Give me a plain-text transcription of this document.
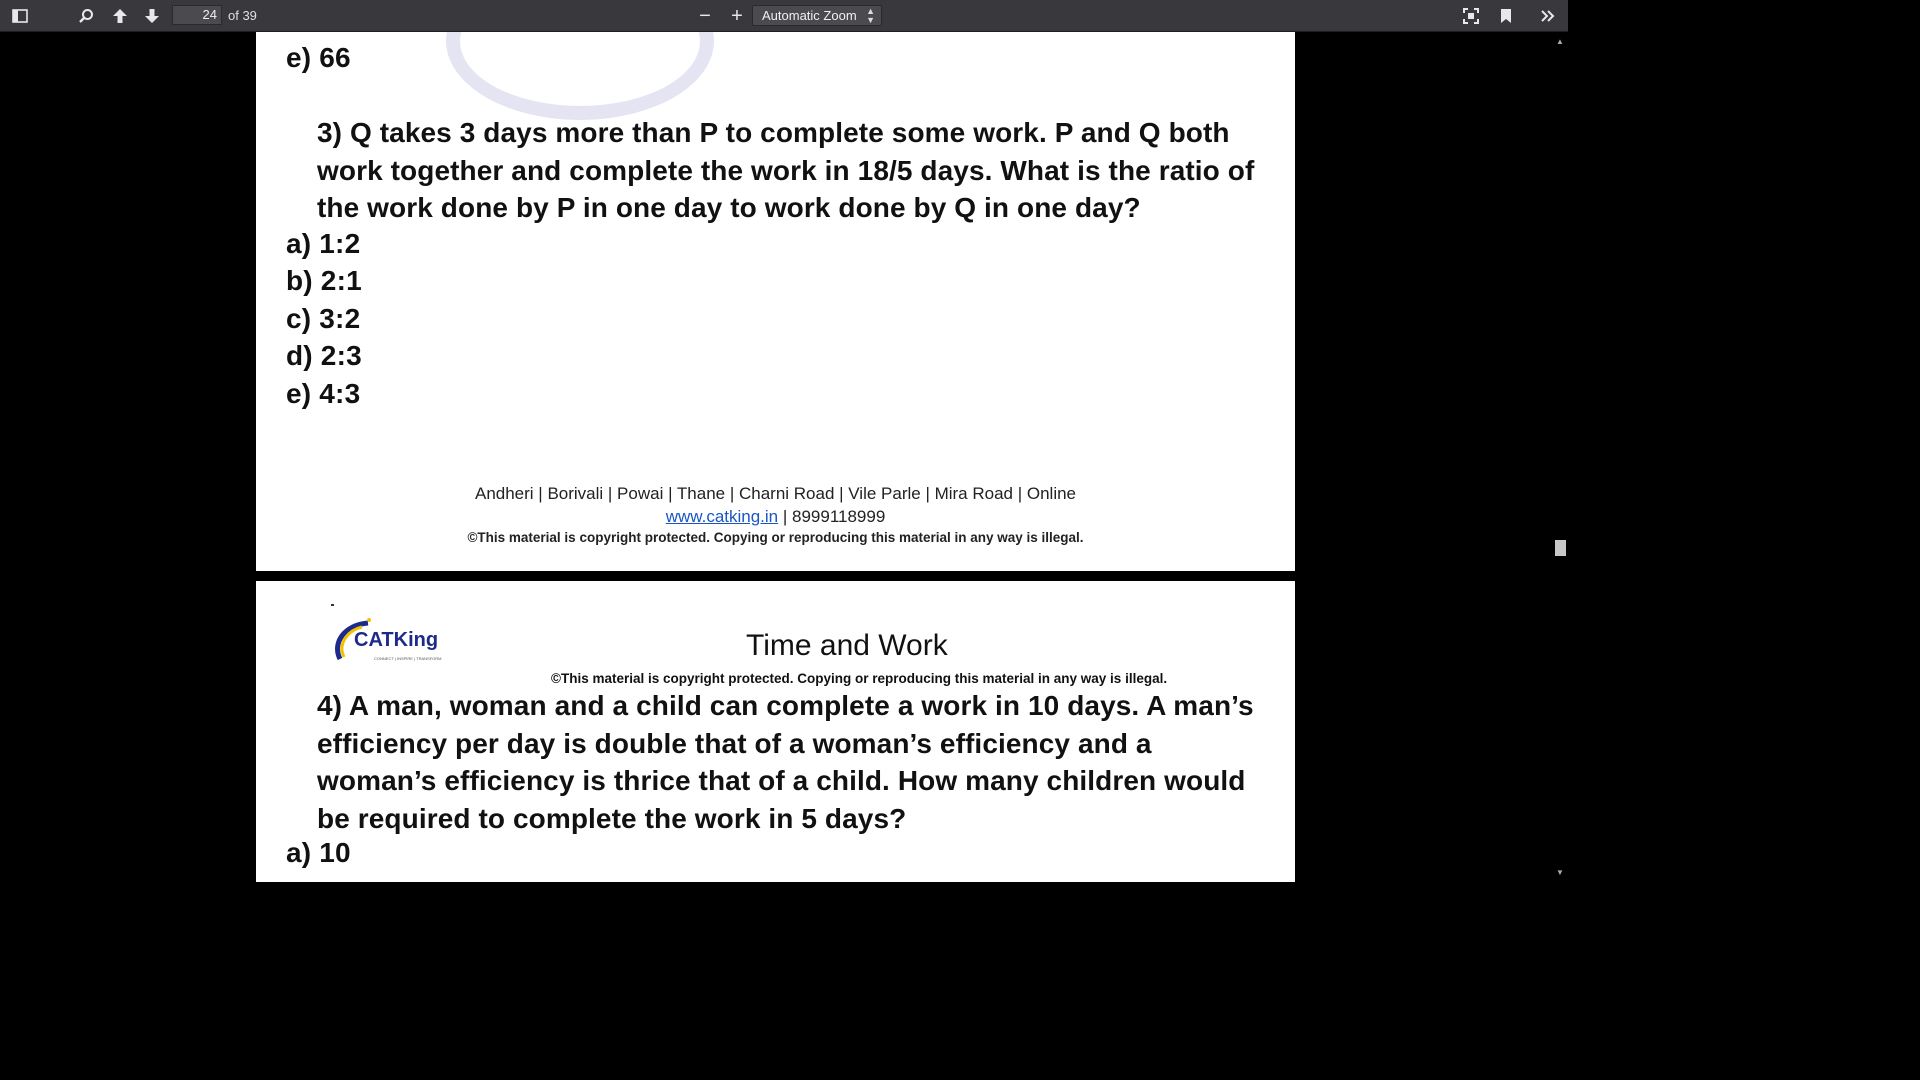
24 of 39	− +	Automatic Zoom ▲
▼
e) 66
3) Q takes 3 days more than P to complete some work. P and Q both work together and complete the work in 18/5 days. What is the ratio of the work done by P in one day to work done by Q in one day?
a) 1:2
b) 2:1
c) 3:2
d) 2:3
e) 4:3
Andheri | Borivali | Powai | Thane | Charni Road | Vile Parle | Mira Road | Online
www.catking.in | 8999118999
©This material is copyright protected. Copying or reproducing this material in any way is illegal.
CATKing
CONNECT | INSPIRE | TRANSFORM	Time and Work
©This material is copyright protected. Copying or reproducing this material in any way is illegal.
4) A man, woman and a child can complete a work in 10 days. A man’s efficiency per day is double that of a woman’s efficiency and a woman’s efficiency is thrice that of a child. How many children would be required to complete the work in 5 days?
a) 10
▲
▼
